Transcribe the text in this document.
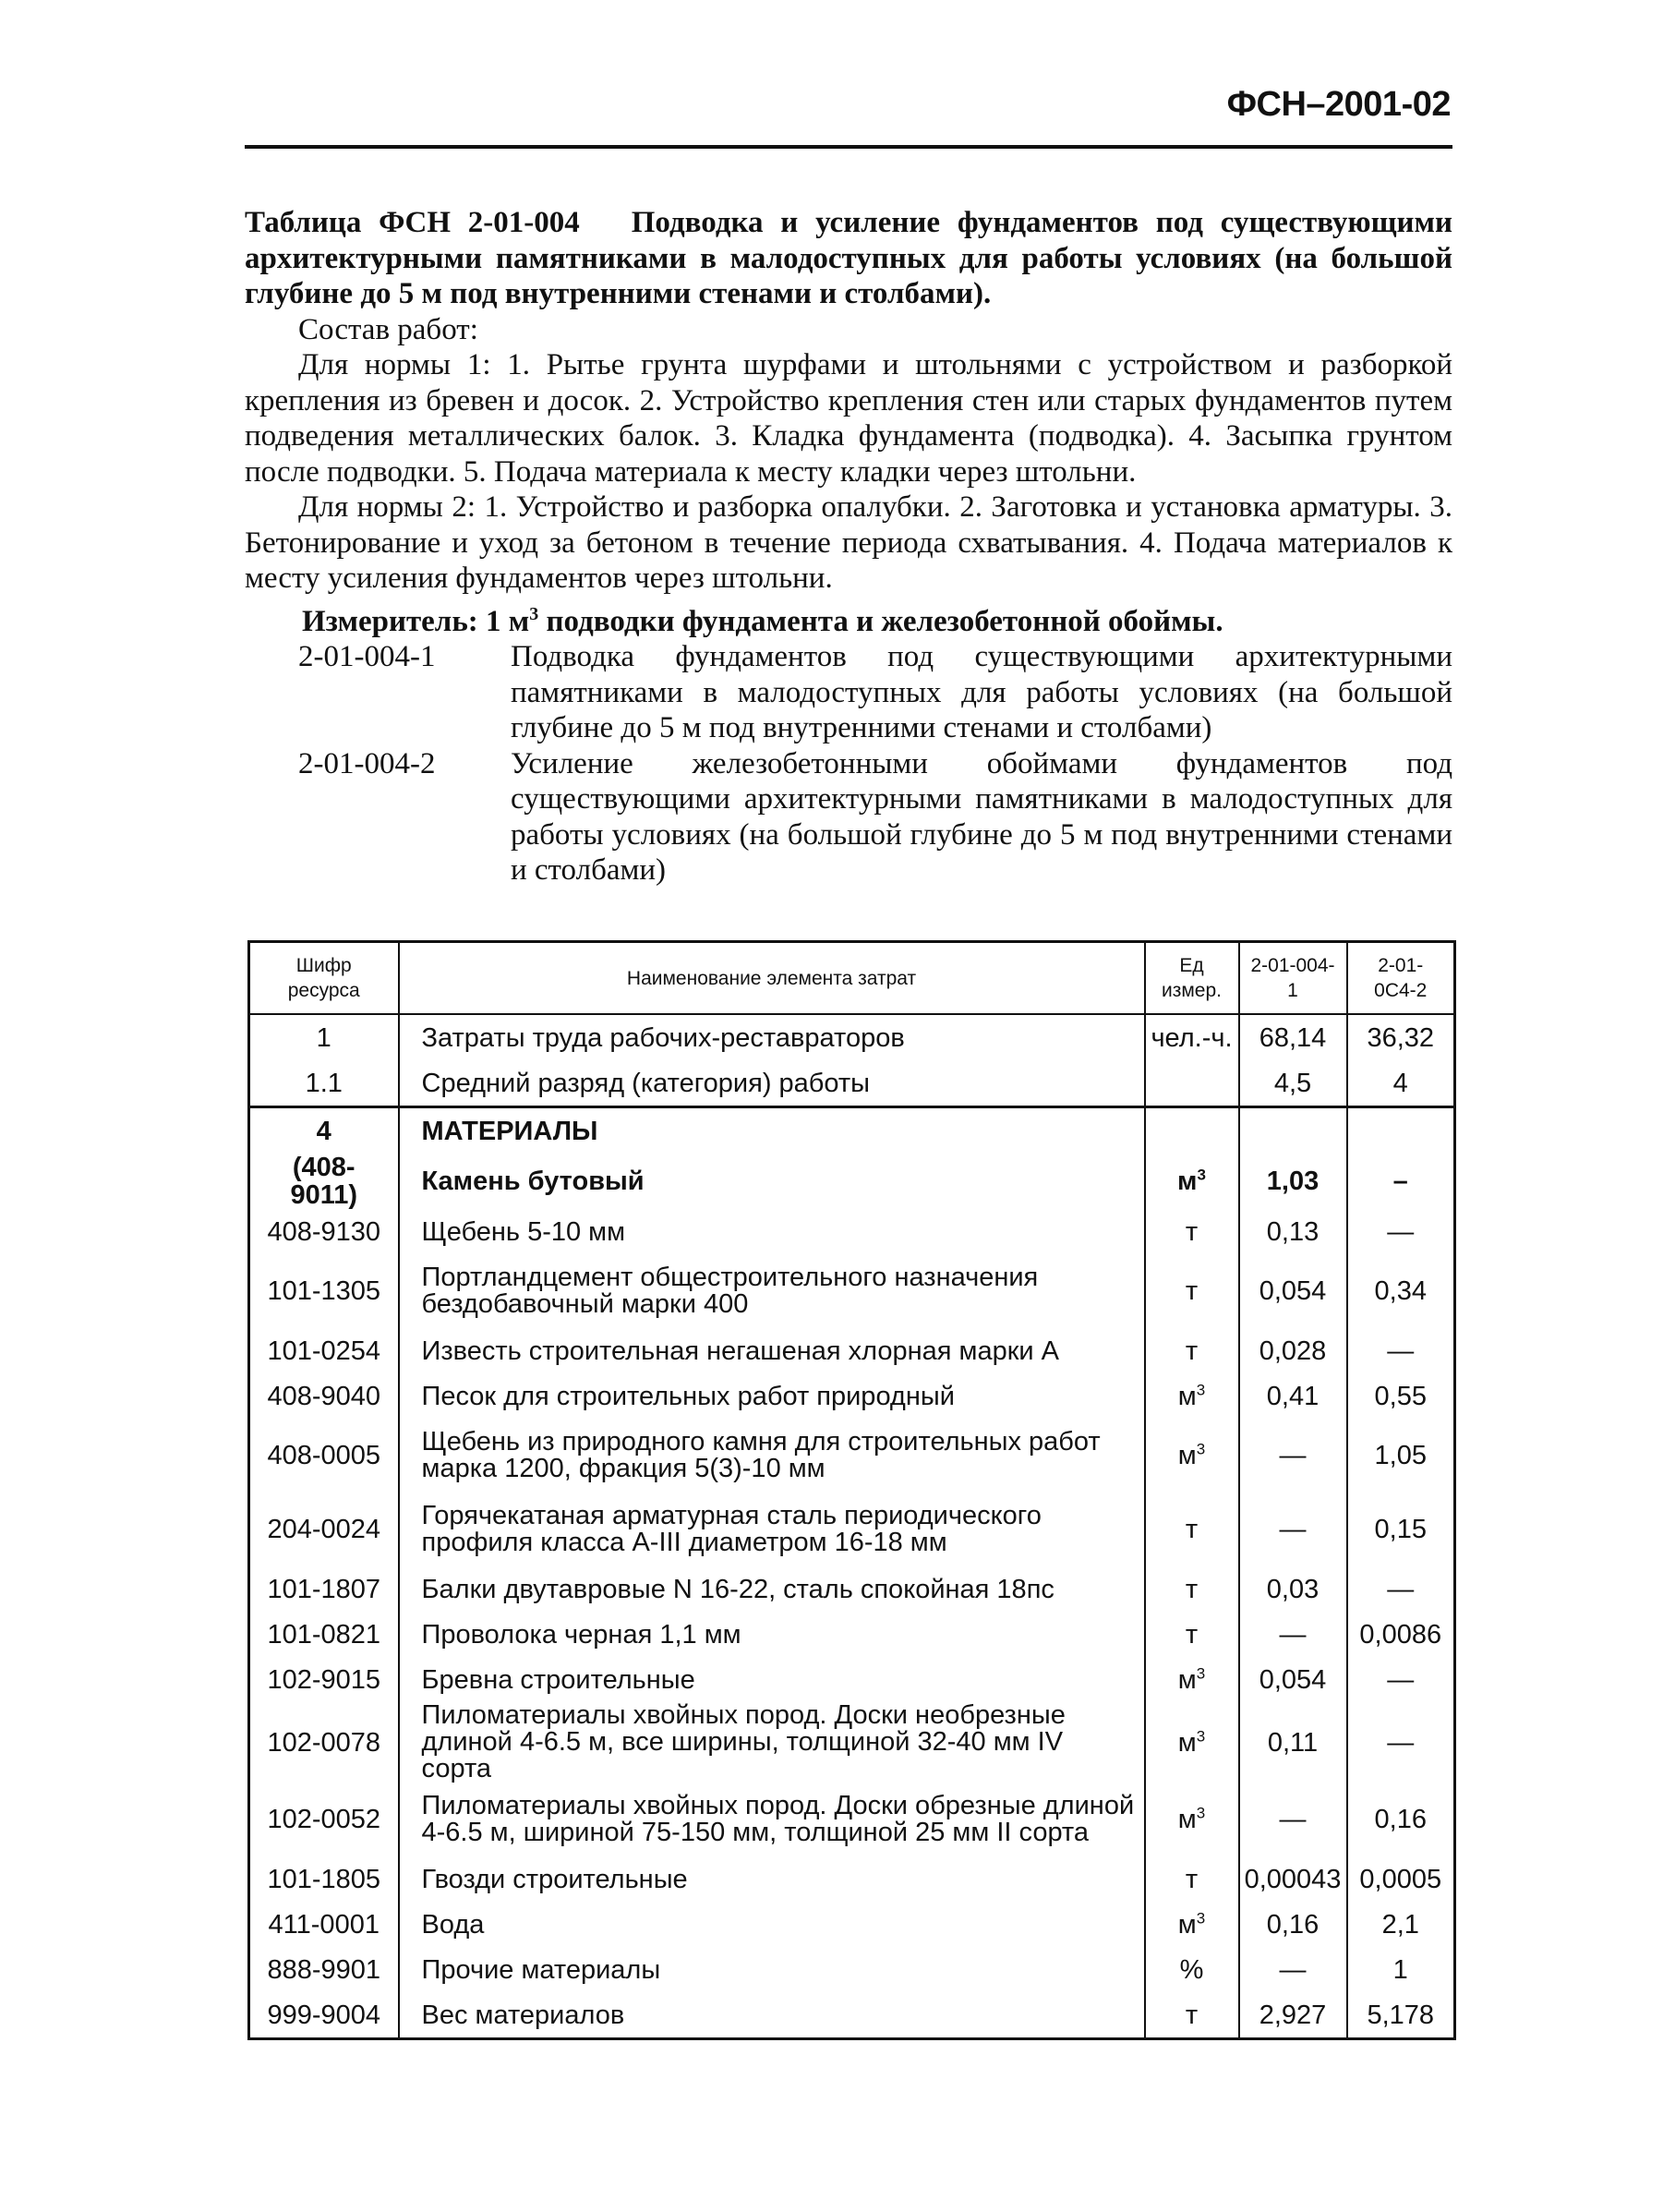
ФСН–2001-02

Таблица ФСН 2-01-004 Подводка и усиление фундаментов под существующими архитектурными памятниками в малодоступных для работы условиях (на большой глубине до 5 м под внутренними стенами и столбами).

Состав работ:

Для нормы 1: 1. Рытье грунта шурфами и штольнями с устройством и разборкой крепления из бревен и досок. 2. Устройство крепления стен или старых фундаментов путем подведения металлических балок. 3. Кладка фундамента (подводка). 4. Засыпка грунтом после подводки. 5. Подача материала к месту кладки через штольни.

Для нормы 2: 1. Устройство и разборка опалубки. 2. Заготовка и установка арматуры. 3. Бетонирование и уход за бетоном в течение периода схватывания. 4. Подача материалов к месту усиления фундаментов через штольни.

Измеритель: 1 $м^3$ подводки фундамента и железобетонной обоймы.

2-01-004-1	Подводка фундаментов под существующими архитектурными памятниками в малодоступных для работы условиях (на большой глубине до 5 м под внутренними стенами и столбами)
2-01-004-2	Усиление железобетонными обоймами фундаментов под существующими архитектурными памятниками в малодоступных для работы условиях (на большой глубине до 5 м под внутренними стенами и столбами)
Шифр ресурса	Наименование элемента затрат	Ед измер.	2-01-004-1	2-01-0С4-2
1	Затраты труда рабочих-реставраторов	чел.-ч.	68,14	36,32
1.1	Средний разряд (категория) работы		4,5	4
4	МАТЕРИАЛЫ			
(408-9011)	Камень бутовый	$м^3$	1,03	–
408-9130	Щебень 5-10 мм	т	0,13	—
101-1305	Портландцемент общестроительного назначения бездобавочный марки 400	т	0,054	0,34
101-0254	Известь строительная негашеная хлорная марки А	т	0,028	—
408-9040	Песок для строительных работ природный	$м^3$	0,41	0,55
408-0005	Щебень из природного камня для строительных работ марка 1200, фракция 5(3)-10 мм	$м^3$	—	1,05
204-0024	Горячекатаная арматурная сталь периодического профиля класса А-III диаметром 16-18 мм	т	—	0,15
101-1807	Балки двутавровые N 16-22, сталь спокойная 18пс	т	0,03	—
101-0821	Проволока черная 1,1 мм	т	—	0,0086
102-9015	Бревна строительные	$м^3$	0,054	—
102-0078	Пиломатериалы хвойных пород. Доски необрезные длиной 4-6.5 м, все ширины, толщиной 32-40 мм IV сорта	$м^3$	0,11	—
102-0052	Пиломатериалы хвойных пород. Доски обрезные длиной 4-6.5 м, шириной 75-150 мм, толщиной 25 мм II сорта	$м^3$	—	0,16
101-1805	Гвозди строительные	т	0,00043	0,0005
411-0001	Вода	$м^3$	0,16	2,1
888-9901	Прочие материалы	%	—	1
999-9004	Вес материалов	т	2,927	5,178
